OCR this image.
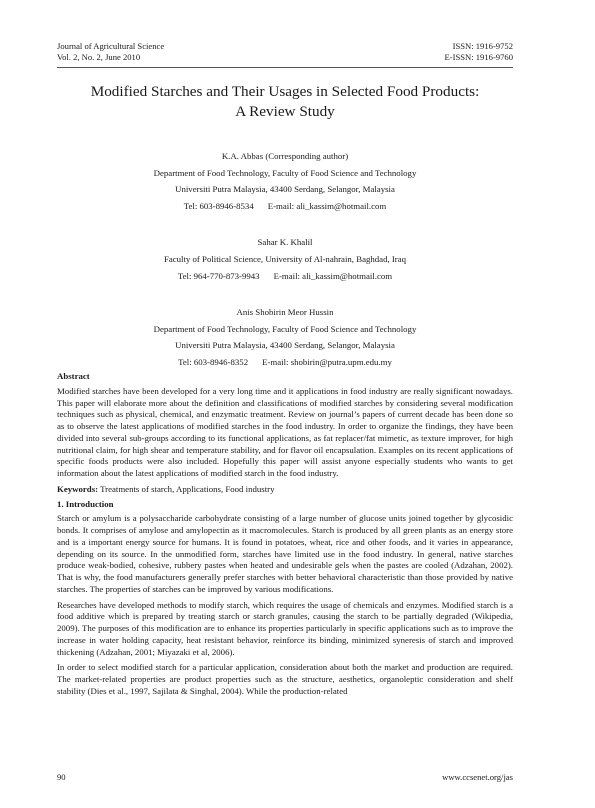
Journal of Agricultural Science
Vol. 2, No. 2, June 2010
ISSN: 1916-9752
E-ISSN: 1916-9760
Modified Starches and Their Usages in Selected Food Products:
A Review Study
K.A. Abbas (Corresponding author)
Department of Food Technology, Faculty of Food Science and Technology
Universiti Putra Malaysia, 43400 Serdang, Selangor, Malaysia
Tel: 603-8946-8534 E-mail: ali_kassim@hotmail.com
Sahar K. Khalil
Faculty of Political Science, University of Al-nahrain, Baghdad, Iraq
Tel: 964-770-873-9943 E-mail: ali_kassim@hotmail.com
Anis Shobirin Meor Hussin
Department of Food Technology, Faculty of Food Science and Technology
Universiti Putra Malaysia, 43400 Serdang, Selangor, Malaysia
Tel: 603-8946-8352 E-mail: shobirin@putra.upm.edu.my
Abstract

Modified starches have been developed for a very long time and it applications in food industry are really significant nowadays. This paper will elaborate more about the definition and classifications of modified starches by considering several modification techniques such as physical, chemical, and enzymatic treatment. Review on journal’s papers of current decade has been done so as to observe the latest applications of modified starches in the food industry. In order to organize the findings, they have been divided into several sub-groups according to its functional applications, as fat replacer/fat mimetic, as texture improver, for high nutritional claim, for high shear and temperature stability, and for flavor oil encapsulation. Examples on its recent applications of specific foods products were also included. Hopefully this paper will assist anyone especially students who wants to get information about the latest applications of modified starch in the food industry.

Keywords: Treatments of starch, Applications, Food industry
1. Introduction

Starch or amylum is a polysaccharide carbohydrate consisting of a large number of glucose units joined together by glycosidic bonds. It comprises of amylose and amylopectin as it macromolecules. Starch is produced by all green plants as an energy store and is a important energy source for humans. It is found in potatoes, wheat, rice and other foods, and it varies in appearance, depending on its source. In the unmodified form, starches have limited use in the food industry. In general, native starches produce weak-bodied, cohesive, rubbery pastes when heated and undesirable gels when the pastes are cooled (Adzahan, 2002). That is why, the food manufacturers generally prefer starches with better behavioral characteristic than those provided by native starches. The properties of starches can be improved by various modifications.

Researches have developed methods to modify starch, which requires the usage of chemicals and enzymes. Modified starch is a food additive which is prepared by treating starch or starch granules, causing the starch to be partially degraded (Wikipedia, 2009). The purposes of this modification are to enhance its properties particularly in specific applications such as to improve the increase in water holding capacity, heat resistant behavior, reinforce its binding, minimized syneresis of starch and improved thickening (Adzahan, 2001; Miyazaki et al, 2006).

In order to select modified starch for a particular application, consideration about both the market and production are required. The market-related properties are product properties such as the structure, aesthetics, organoleptic consideration and shelf stability (Dies et al., 1997, Sajilata & Singhal, 2004). While the production-related

90	www.ccsenet.org/jas
